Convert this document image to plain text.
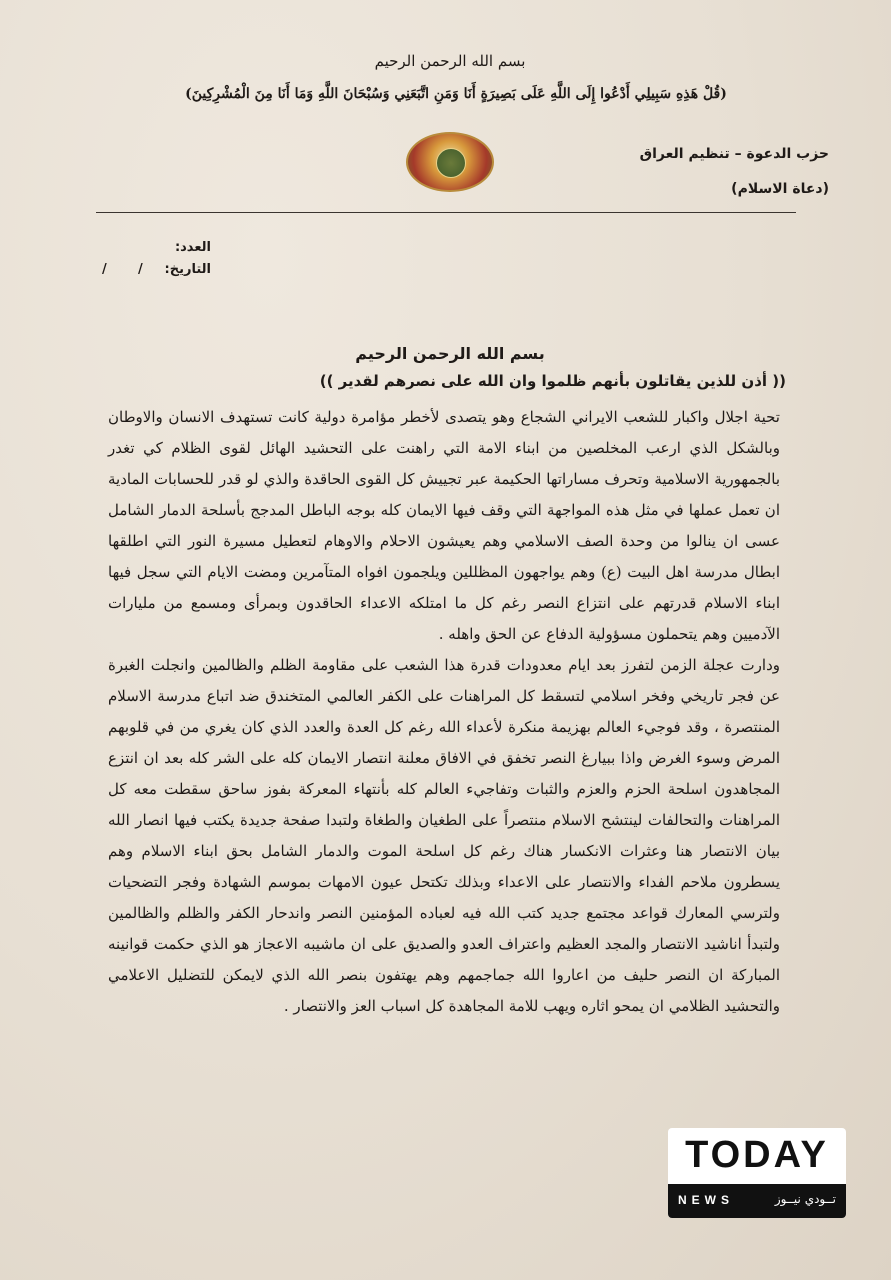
بسم الله الرحمن الرحيم
(قُلْ هَذِهِ سَبِيلِي أَدْعُوا إِلَى اللَّهِ عَلَى بَصِيرَةٍ أَنَا وَمَنِ اتَّبَعَنِي وَسُبْحَانَ اللَّهِ وَمَا أَنَا مِنَ الْمُشْرِكِينَ)
حزب الدعوة – تنظيم العراق
(دعاة الاسلام)
العدد:
التاريخ:
/
/
بسم الله الرحمن الرحيم
(( أذن للذين يقاتلون بأنهم ظلموا وان الله على نصرهم لقدير ))

تحية اجلال واكبار للشعب الايراني الشجاع وهو يتصدى لأخطر مؤامرة دولية كانت تستهدف الانسان والاوطان وبالشكل الذي ارعب المخلصين من ابناء الامة التي راهنت على التحشيد الهائل لقوى الظلام كي تغدر بالجمهورية الاسلامية وتحرف مساراتها الحكيمة عبر تجييش كل القوى الحاقدة والذي لو قدر للحسابات المادية ان تعمل عملها في مثل هذه المواجهة التي وقف فيها الايمان كله بوجه الباطل المدجج بأسلحة الدمار الشامل عسى ان ينالوا من وحدة الصف الاسلامي وهم يعيشون الاحلام والاوهام لتعطيل مسيرة النور التي اطلقها ابطال مدرسة اهل البيت (ع) وهم يواجهون المظللين ويلجمون افواه المتآمرين ومضت الايام التي سجل فيها ابناء الاسلام قدرتهم على انتزاع النصر رغم كل ما امتلكه الاعداء الحاقدون وبمرأى ومسمع من مليارات الآدميين وهم يتحملون مسؤولية الدفاع عن الحق واهله .

ودارت عجلة الزمن لتفرز بعد ايام معدودات قدرة هذا الشعب على مقاومة الظلم والظالمين وانجلت الغبرة عن فجر تاريخي وفخر اسلامي لتسقط كل المراهنات على الكفر العالمي المتخندق ضد اتباع مدرسة الاسلام المنتصرة ، وقد فوجيء العالم بهزيمة منكرة لأعداء الله رغم كل العدة والعدد الذي كان يغري من في قلوبهم المرض وسوء الغرض واذا ببيارغ النصر تخفق في الافاق معلنة انتصار الايمان كله على الشر كله بعد ان انتزع المجاهدون اسلحة الحزم والعزم والثبات وتفاجيء العالم كله بأنتهاء المعركة بفوز ساحق سقطت معه كل المراهنات والتحالفات لينتشح الاسلام منتصراً على الطغيان والطغاة ولتبدا صفحة جديدة يكتب فيها انصار الله بيان الانتصار هنا وعثرات الانكسار هناك رغم كل اسلحة الموت والدمار الشامل بحق ابناء الاسلام وهم يسطرون ملاحم الفداء والانتصار على الاعداء وبذلك تكتحل عيون الامهات بموسم الشهادة وفجر التضحيات ولترسي المعارك قواعد مجتمع جديد كتب الله فيه لعباده المؤمنين النصر واندحار الكفر والظلم والظالمين ولتبدأ اناشيد الانتصار والمجد العظيم واعتراف العدو والصديق على ان ماشيبه الاعجاز هو الذي حكمت قوانينه المباركة ان النصر حليف من اعاروا الله جماجمهم وهم يهتفون بنصر الله الذي لايمكن للتضليل الاعلامي والتحشيد الظلامي ان يمحو اثاره ويهب للامة المجاهدة كل اسباب العز والانتصار .

TODAY
NEWS	تــودي نيــوز
